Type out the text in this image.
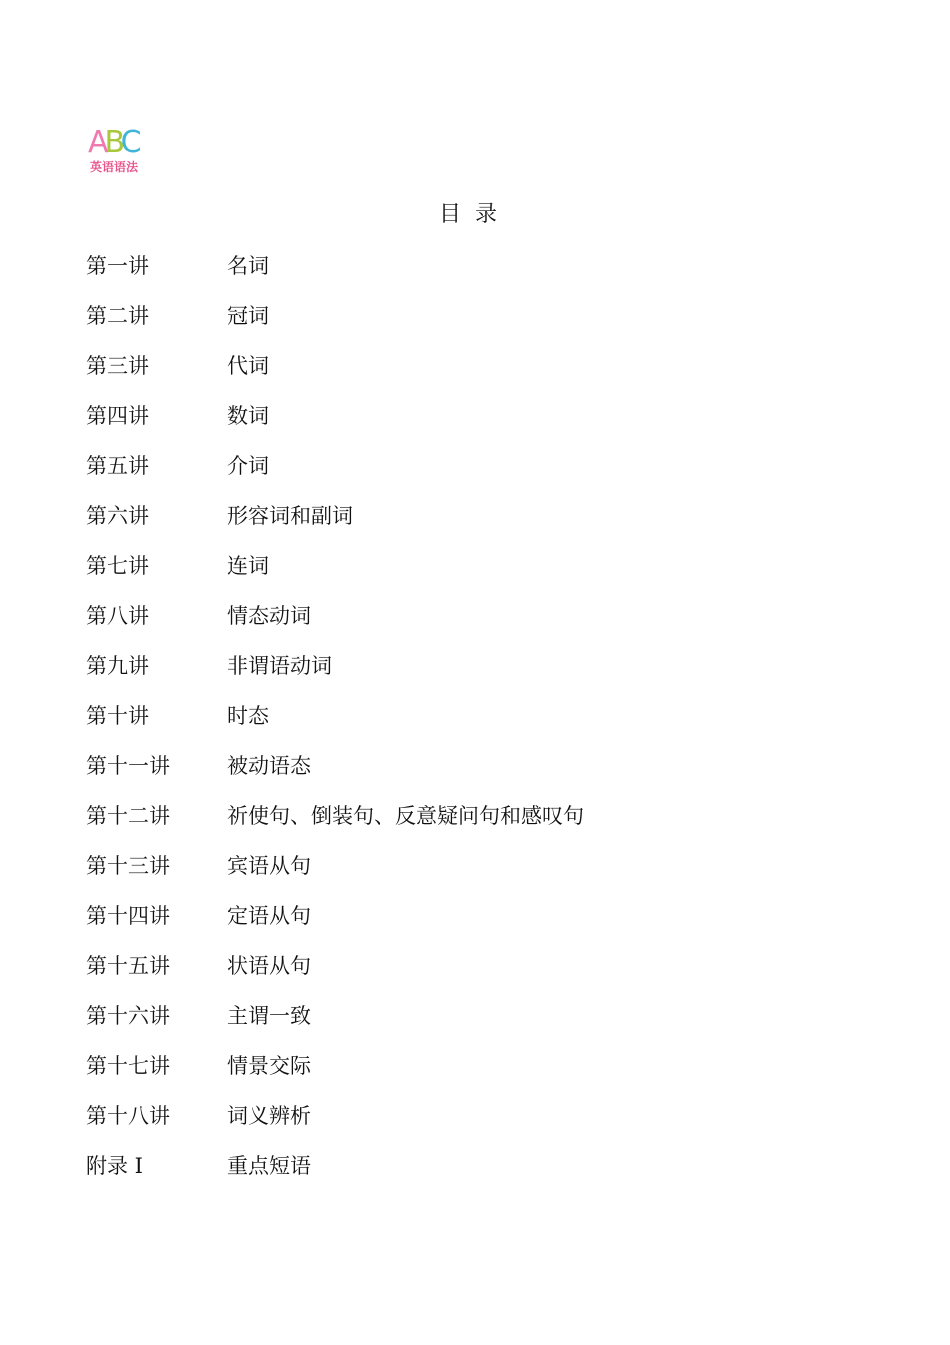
ABC
英语语法
目录
第一讲	名词
第二讲	冠词
第三讲	代词
第四讲	数词
第五讲	介词
第六讲	形容词和副词
第七讲	连词
第八讲	情态动词
第九讲	非谓语动词
第十讲	时态
第十一讲	被动语态
第十二讲	祈使句、倒装句、反意疑问句和感叹句
第十三讲	宾语从句
第十四讲	定语从句
第十五讲	状语从句
第十六讲	主谓一致
第十七讲	情景交际
第十八讲	词义辨析
附录 I	重点短语
